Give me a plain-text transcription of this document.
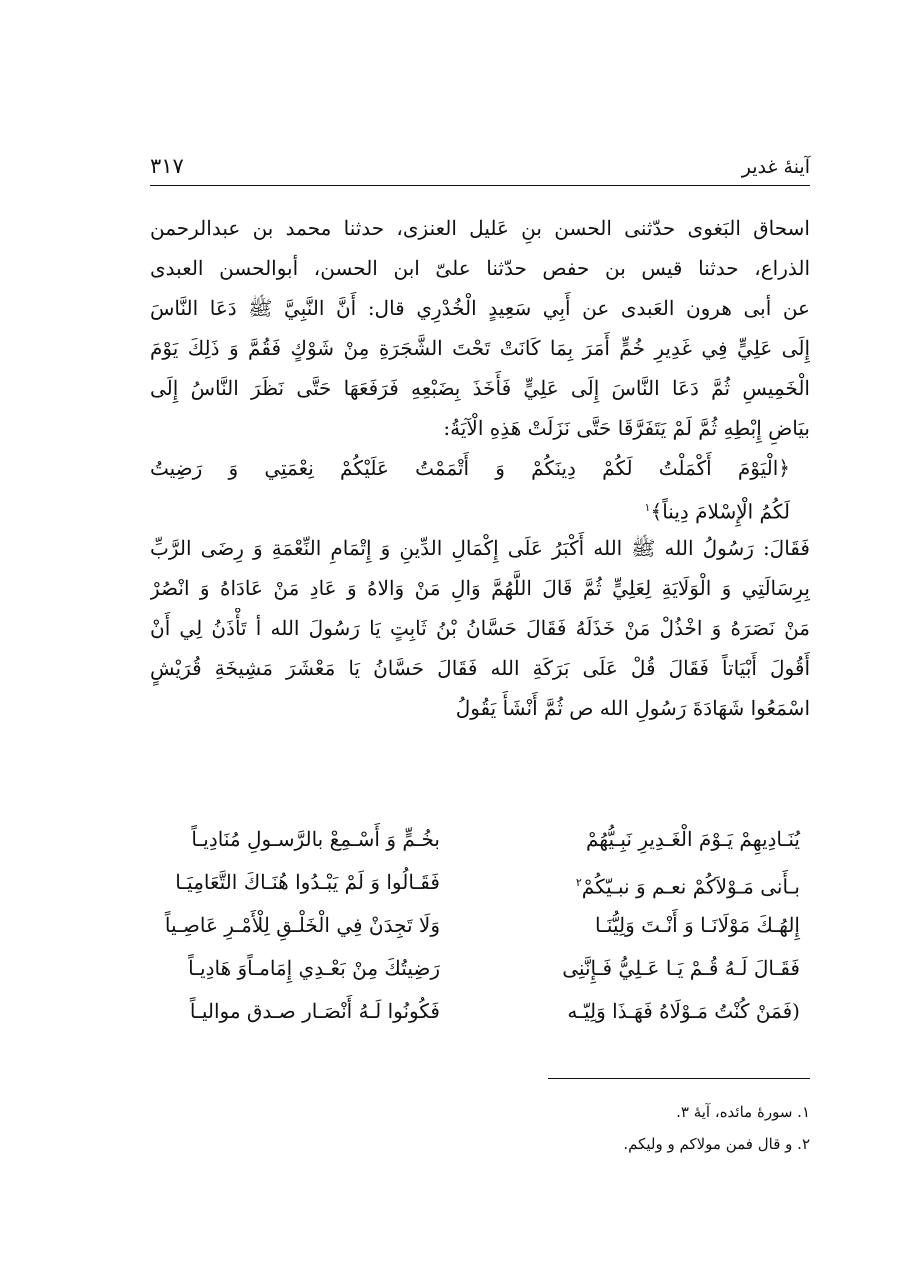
۳۱۷	آينهٔ غدير
اسحاق البَغوى حدّثنى الحسن بنِ عَليل العنزى، حدثنا محمد بن عبدالرحمن
الذراع، حدثنا قيس بن حفص حدّثنا علىّ ابن الحسن، أبوالحسن العبدى
عن أبى هرون العَبدى عن أَبِي سَعِيدٍ الْخُدْرِي قال: أَنَّ النَّبِيَّ ﷺ دَعَا النَّاسَ
إِلَى عَلِيٍّ فِي غَدِيرِ خُمٍّ أَمَرَ بِمَا كَانَتْ تَحْتَ الشَّجَرَةِ مِنْ شَوْكٍ فَقُمَّ وَ ذَلِكَ يَوْمَ
الْخَمِيسِ ثُمَّ دَعَا النَّاسَ إِلَى عَلِيٍّ فَأَخَذَ بِضَبْعِهِ فَرَفَعَهَا حَتَّى نَظَرَ النَّاسُ إِلَى
بيَاضِ إِبْطِهِ ثُمَّ لَمْ يَتَفَرَّقَا حَتَّى نَزَلَتْ هَذِهِ الْآيَةُ:
﴿الْيَوْمَ أَكْمَلْتُ لَكُمْ دِينَكُمْ وَ أَتْمَمْتُ عَلَيْكُمْ نِعْمَتِي وَ رَضِيتُ
لَكُمُ الْإِسْلامَ دِيناً﴾$^۱$
فَقَالَ: رَسُولُ الله ﷺ الله أَكْبَرُ عَلَى إِكْمَالِ الدِّينِ وَ إِتْمَامِ النِّعْمَةِ وَ رِضَى الرَّبِّ
بِرِسَالَتِي وَ الْوَلَايَةِ لِعَلِيٍّ ثُمَّ قَالَ اللَّهُمَّ وَالِ مَنْ وَالاهُ وَ عَادِ مَنْ عَادَاهُ وَ انْصُرْ
مَنْ نَصَرَهُ وَ اخْذُلْ مَنْ خَذَلَهُ فَقَالَ حَسَّانُ بْنُ ثَابِتٍ يَا رَسُولَ الله أ تَأْذَنُ لِي أَنْ
أَقُولَ أَبْيَاتاً فَقَالَ قُلْ عَلَى بَرَكَةِ الله فَقَالَ حَسَّانُ يَا مَعْشَرَ مَشِيخَةِ قُرَيْشٍ
اسْمَعُوا شَهَادَةَ رَسُولِ الله ص ثُمَّ أَنْشَأَ يَقُولُ
يُنَـادِيهِمْ يَـوْمَ الْغَـدِيرِ نَبِـيُّهُمْ
بخُـمٍّ وَ أَسْـمِعْ بالرَّسـولِ مُنَادِيـاً
بـأَنى مَـوْلاَكُمْ نعـم وَ نبـيّكُمْ$^۲$
فَقَـالُوا وَ لَمْ يَبْـدُوا هُنَـاكَ التَّعَامِيَـا
إِلهُـكَ مَوْلَانَـا وَ أَنْـتَ وَلِيُّنَـا
وَلَا تَجِدَنْ فِي الْخَلْـقِ لِلْأَمْـرِ عَاصِـياً
فَقَـالَ لَـهُ قُـمْ يَـا عَـلِيُّ فَـإِنَّنِى
رَضِيتُكَ مِنْ بَعْـدِي إِمَامـاًوَ هَادِيـاً
(فَمَنْ كُنْتُ مَـوْلَاهُ فَهَـذَا وَلِيّـه
فَكُونُوا لَـهُ أَنْصَـار صـدق مواليـاً
۱. سورهٔ مائده، آيهٔ ۳.
۲. و قال فمن مولاكم و وليكم.
